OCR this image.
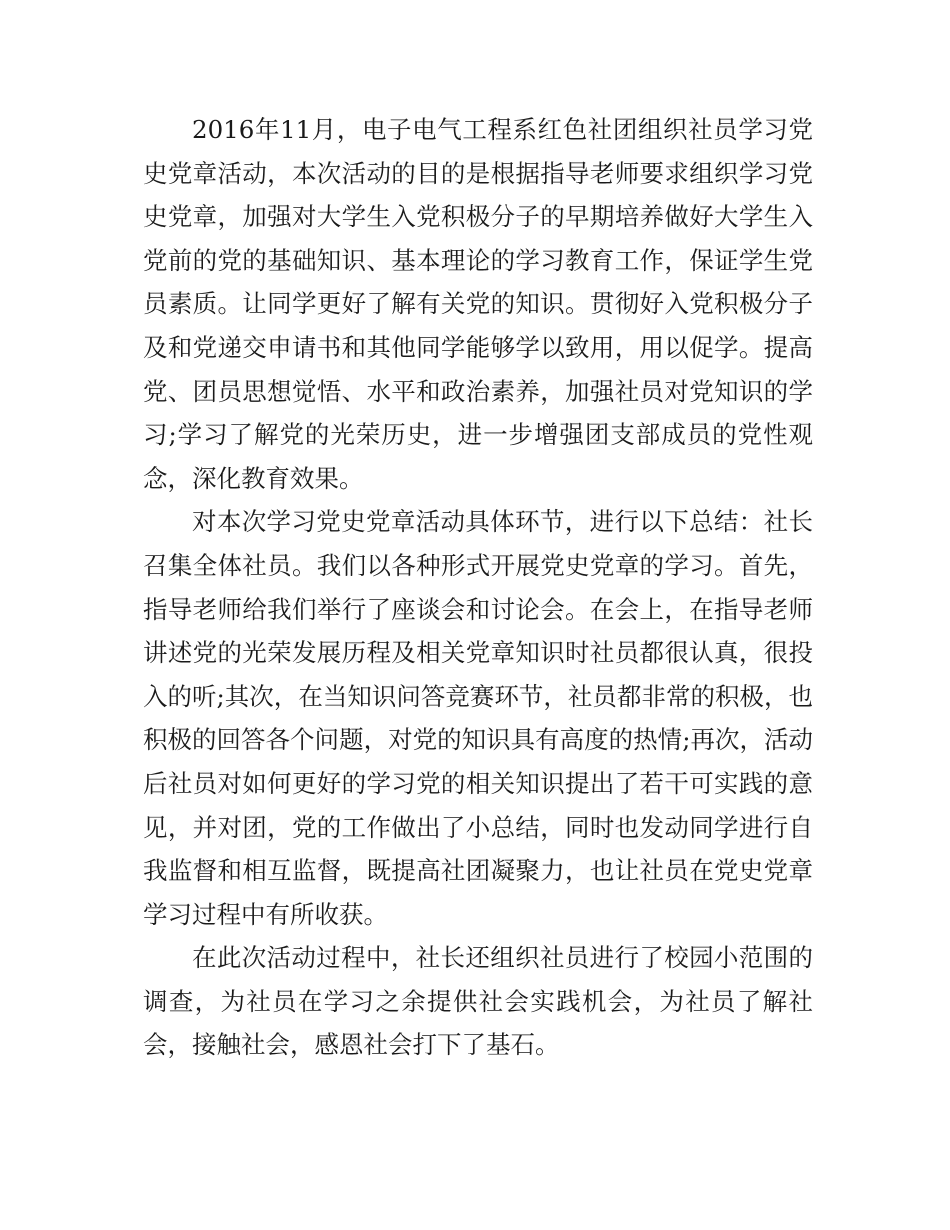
2016年11月，电子电气工程系红色社团组织社员学习党史党章活动，本次活动的目的是根据指导老师要求组织学习党史党章，加强对大学生入党积极分子的早期培养做好大学生入党前的党的基础知识、基本理论的学习教育工作，保证学生党员素质。让同学更好了解有关党的知识。贯彻好入党积极分子及和党递交申请书和其他同学能够学以致用，用以促学。提高党、团员思想觉悟、水平和政治素养，加强社员对党知识的学习;学习了解党的光荣历史，进一步增强团支部成员的党性观念，深化教育效果。

对本次学习党史党章活动具体环节，进行以下总结：社长召集全体社员。我们以各种形式开展党史党章的学习。首先，指导老师给我们举行了座谈会和讨论会。在会上，在指导老师讲述党的光荣发展历程及相关党章知识时社员都很认真，很投入的听;其次，在当知识问答竞赛环节，社员都非常的积极，也积极的回答各个问题，对党的知识具有高度的热情;再次，活动后社员对如何更好的学习党的相关知识提出了若干可实践的意见，并对团，党的工作做出了小总结，同时也发动同学进行自我监督和相互监督，既提高社团凝聚力，也让社员在党史党章学习过程中有所收获。

在此次活动过程中，社长还组织社员进行了校园小范围的调查，为社员在学习之余提供社会实践机会，为社员了解社会，接触社会，感恩社会打下了基石。
